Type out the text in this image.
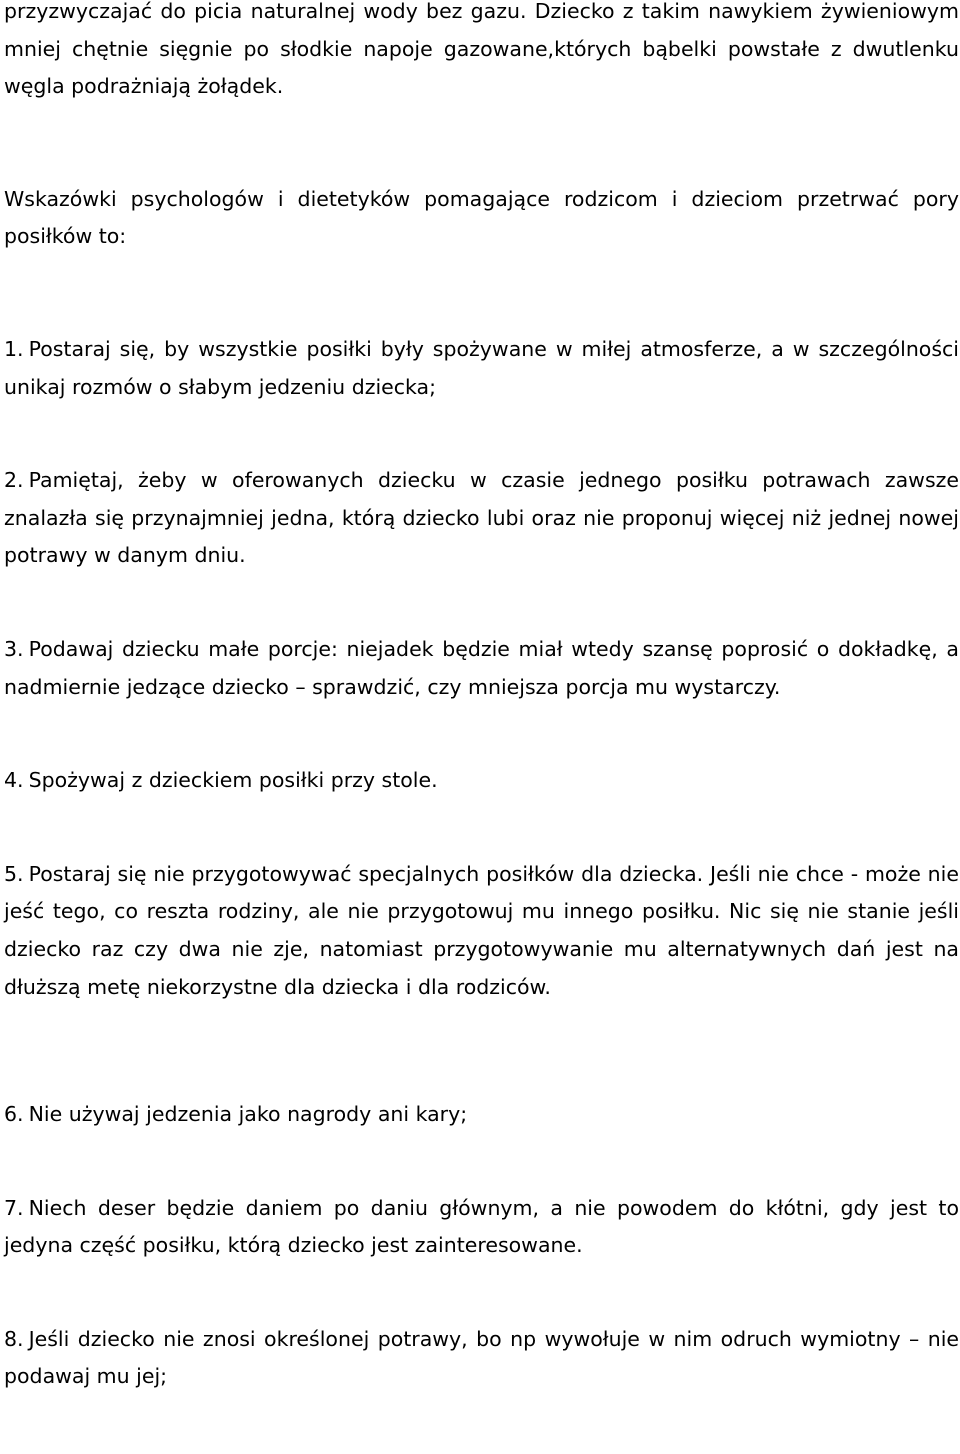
przyzwyczajać do picia naturalnej wody bez gazu. Dziecko z takim nawykiem żywieniowym mniej chętnie sięgnie po słodkie napoje gazowane,których bąbelki powstałe z dwutlenku węgla podrażniają żołądek.

Wskazówki psychologów i dietetyków pomagające rodzicom i dzieciom przetrwać pory posiłków to:

1. Postaraj się, by wszystkie posiłki były spożywane w miłej atmosferze, a w szczególności unikaj rozmów o słabym jedzeniu dziecka;

2. Pamiętaj, żeby w oferowanych dziecku w czasie jednego posiłku potrawach zawsze znalazła się przynajmniej jedna, którą dziecko lubi oraz nie proponuj więcej niż jednej nowej potrawy w danym dniu.

3. Podawaj dziecku małe porcje: niejadek będzie miał wtedy szansę poprosić o dokładkę, a nadmiernie jedzące dziecko – sprawdzić, czy mniejsza porcja mu wystarczy.

4. Spożywaj z dzieckiem posiłki przy stole.

5. Postaraj się nie przygotowywać specjalnych posiłków dla dziecka. Jeśli nie chce - może nie jeść tego, co reszta rodziny, ale nie przygotowuj mu innego posiłku. Nic się nie stanie jeśli dziecko raz czy dwa nie zje, natomiast przygotowywanie mu alternatywnych dań jest na dłuższą metę niekorzystne dla dziecka i dla rodziców.

6. Nie używaj jedzenia jako nagrody ani kary;

7. Niech deser będzie daniem po daniu głównym, a nie powodem do kłótni, gdy jest to jedyna część posiłku, którą dziecko jest zainteresowane.

8. Jeśli dziecko nie znosi określonej potrawy, bo np wywołuje w nim odruch wymiotny – nie podawaj mu jej;
